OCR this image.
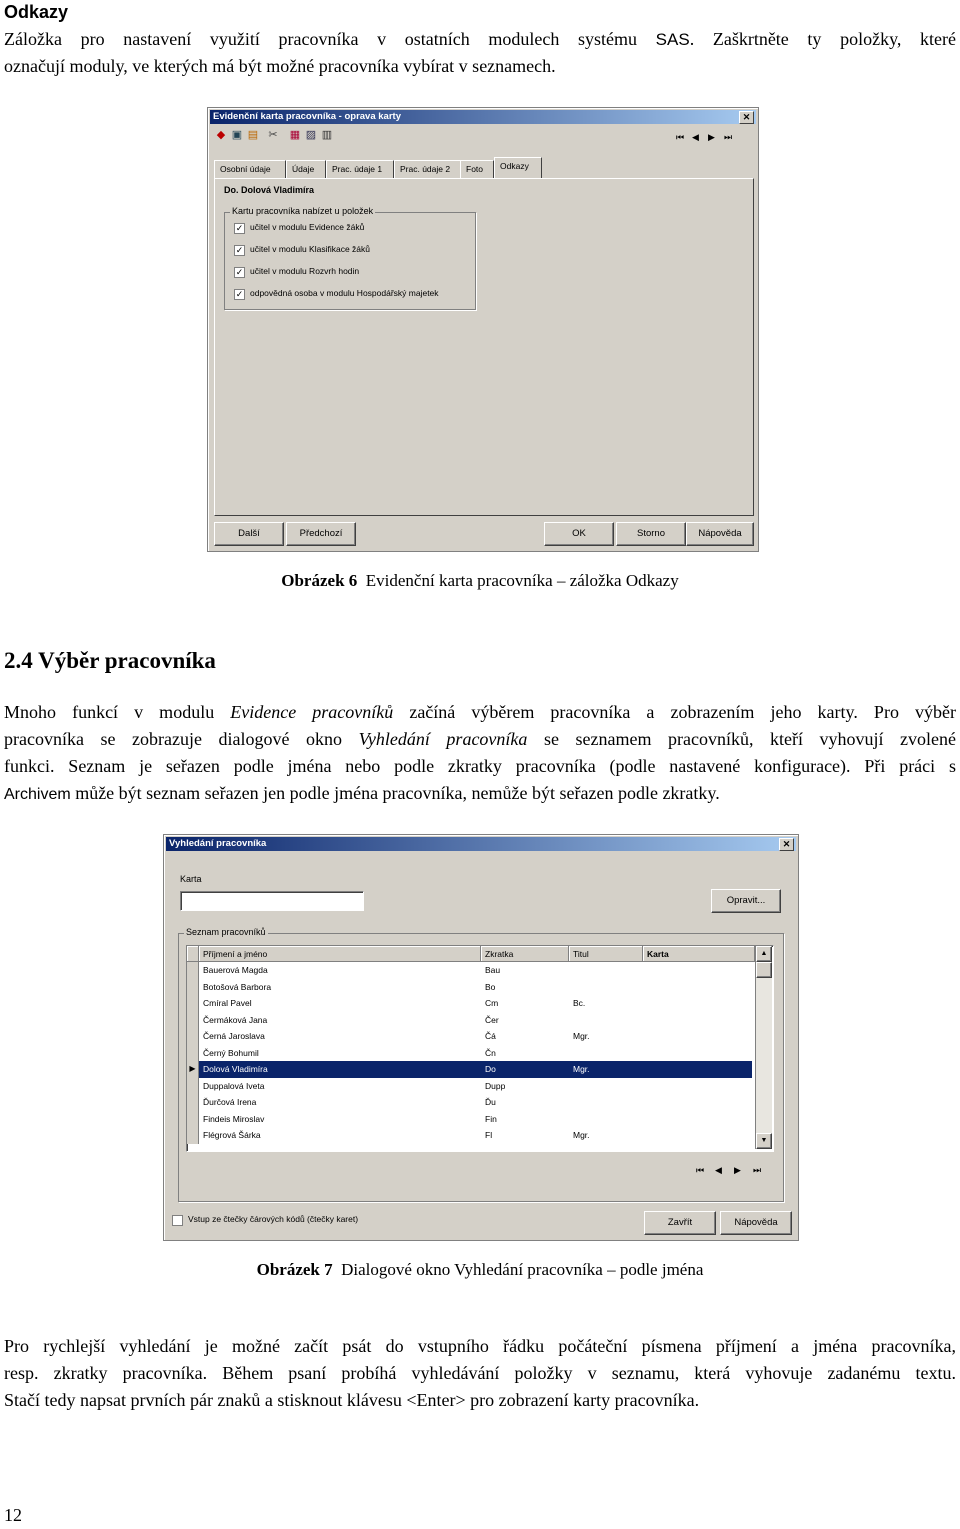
Odkazy
Záložka pro nastavení využití pracovníka v ostatních modulech systému SAS. Zaškrtněte ty položky, které
označují moduly, ve kterých má být možné pracovníka vybírat v seznamech.
Evidenční karta pracovníka - oprava karty	✕
◆ ▣ ▤ ✂ ▦ ▨ ▥	⏮ ◀ ▶ ⏭
Osobní údaje	Údaje	Prac. údaje 1	Prac. údaje 2	Foto	Odkazy
Do. Dolová Vladimíra
Kartu pracovníka nabízet u položek
✓ učitel v modulu Evidence žáků
✓ učitel v modulu Klasifikace žáků
✓ učitel v modulu Rozvrh hodin
✓ odpovědná osoba v modulu Hospodářský majetek
Další	Předchozí	OK	Storno	Nápověda
Obrázek 6 Evidenční karta pracovníka – záložka Odkazy
2.4 Výběr pracovníka
Mnoho funkcí v modulu Evidence pracovníků začíná výběrem pracovníka a zobrazením jeho karty. Pro výběr
pracovníka se zobrazuje dialogové okno Vyhledání pracovníka se seznamem pracovníků, kteří vyhovují zvolené
funkci. Seznam je seřazen podle jména nebo podle zkratky pracovníka (podle nastavené konfigurace). Při práci s
Archivem může být seznam seřazen jen podle jména pracovníka, nemůže být seřazen podle zkratky.
Vyhledání pracovníka	✕
Karta
Opravit...
Seznam pracovníků
Příjmení a jméno	Zkratka	Titul	Karta
Bauerová Magda	Bau
Botošová Barbora	Bo
Cmíral Pavel	Cm	Bc.
Čermáková Jana	Čer
Černá Jaroslava	Čá	Mgr.
Černý Bohumil	Čn
▶ Dolová Vladimíra	Do	Mgr.
Duppalová Iveta	Dupp
Ďurčová Irena	Ďu
Findeis Miroslav	Fin
Flégrová Šárka	Fl	Mgr.
▲
▼
⏮ ◀ ▶ ⏭
Vstup ze čtečky čárových kódů (čtečky karet)	Zavřít	Nápověda
Obrázek 7 Dialogové okno Vyhledání pracovníka – podle jména
Pro rychlejší vyhledání je možné začít psát do vstupního řádku počáteční písmena příjmení a jména pracovníka,
resp. zkratky pracovníka. Během psaní probíhá vyhledávání položky v seznamu, která vyhovuje zadanému textu.
Stačí tedy napsat prvních pár znaků a stisknout klávesu <Enter> pro zobrazení karty pracovníka.
12
